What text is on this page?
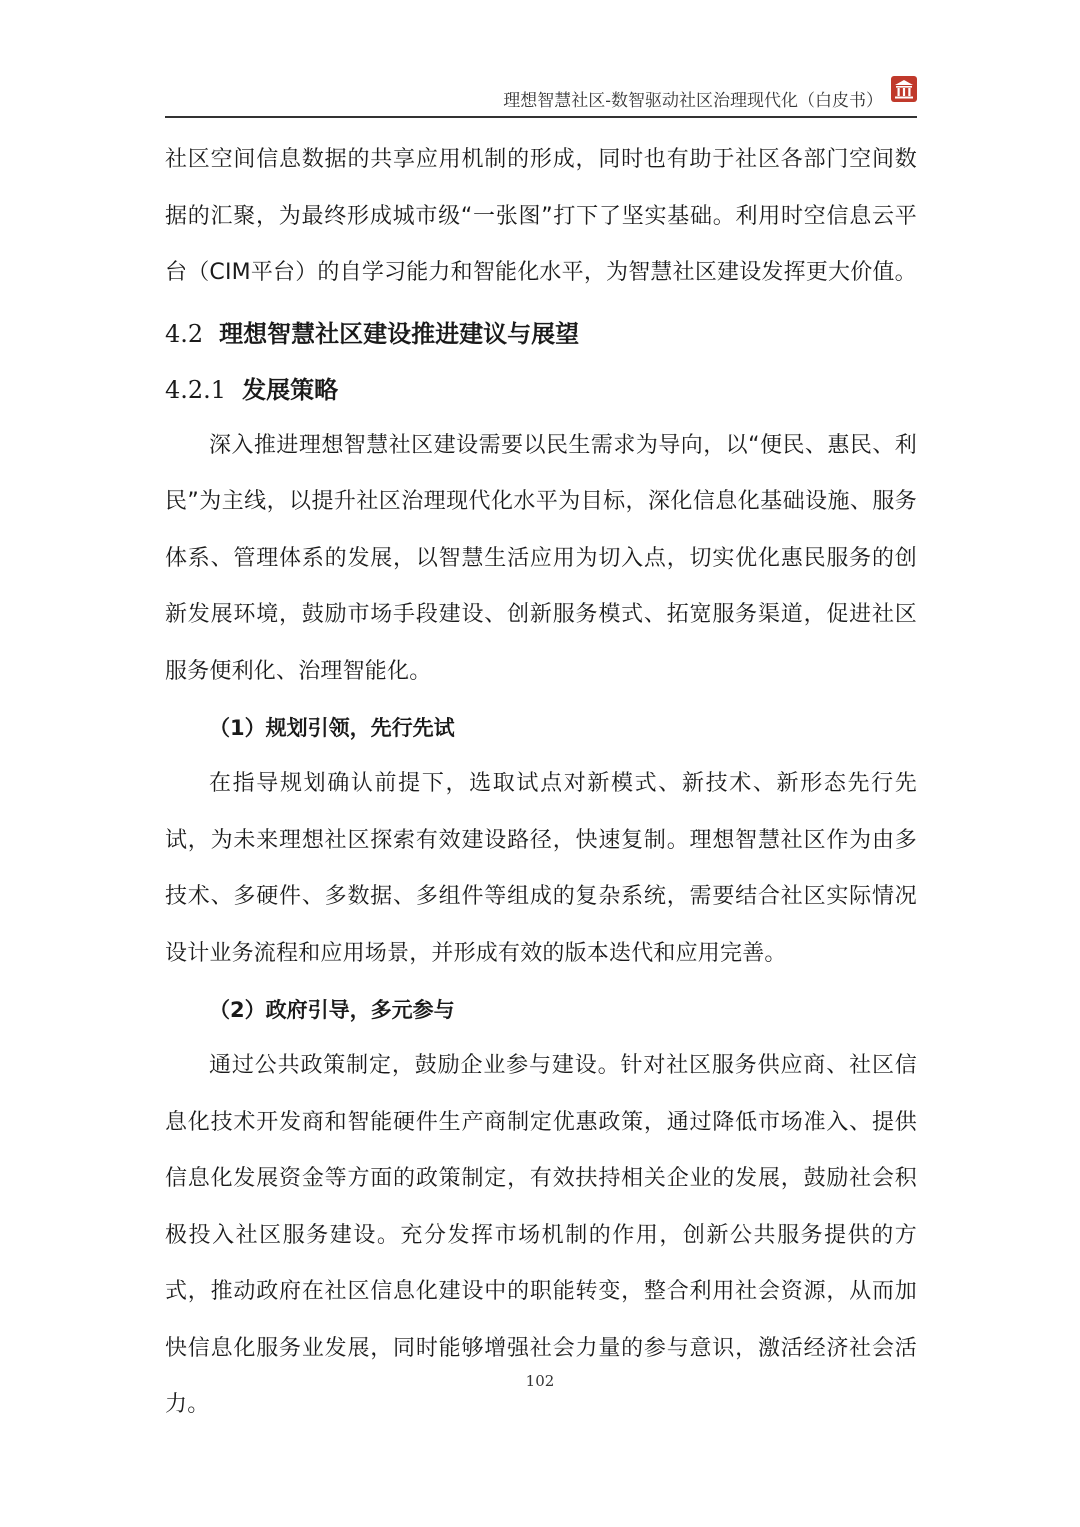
理想智慧社区-数智驱动社区治理现代化（白皮书）

社区空间信息数据的共享应用机制的形成，同时也有助于社区各部门空间数据的汇聚，为最终形成城市级“一张图”打下了坚实基础。利用时空信息云平台（CIM平台）的自学习能力和智能化水平，为智慧社区建设发挥更大价值。

4.2 理想智慧社区建设推进建议与展望
4.2.1 发展策略

深入推进理想智慧社区建设需要以民生需求为导向，以“便民、惠民、利民”为主线，以提升社区治理现代化水平为目标，深化信息化基础设施、服务体系、管理体系的发展，以智慧生活应用为切入点，切实优化惠民服务的创新发展环境，鼓励市场手段建设、创新服务模式、拓宽服务渠道，促进社区服务便利化、治理智能化。

（1）规划引领，先行先试

在指导规划确认前提下，选取试点对新模式、新技术、新形态先行先试，为未来理想社区探索有效建设路径，快速复制。理想智慧社区作为由多技术、多硬件、多数据、多组件等组成的复杂系统，需要结合社区实际情况设计业务流程和应用场景，并形成有效的版本迭代和应用完善。

（2）政府引导，多元参与

通过公共政策制定，鼓励企业参与建设。针对社区服务供应商、社区信息化技术开发商和智能硬件生产商制定优惠政策，通过降低市场准入、提供信息化发展资金等方面的政策制定，有效扶持相关企业的发展，鼓励社会积极投入社区服务建设。充分发挥市场机制的作用，创新公共服务提供的方式，推动政府在社区信息化建设中的职能转变，整合利用社会资源，从而加快信息化服务业发展，同时能够增强社会力量的参与意识，激活经济社会活力。

102
